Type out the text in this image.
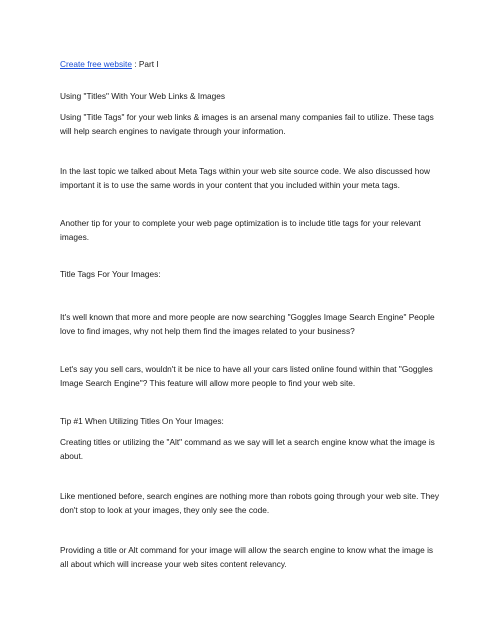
Create free website : Part I

Using "Titles" With Your Web Links & Images

Using "Title Tags" for your web links & images is an arsenal many companies fail to utilize. These tags will help search engines to navigate through your information.

In the last topic we talked about Meta Tags within your web site source code. We also discussed how important it is to use the same words in your content that you included within your meta tags.

Another tip for your to complete your web page optimization is to include title tags for your relevant images.

Title Tags For Your Images:

It's well known that more and more people are now searching "Goggles Image Search Engine" People love to find images, why not help them find the images related to your business?

Let's say you sell cars, wouldn't it be nice to have all your cars listed online found within that "Goggles Image Search Engine"? This feature will allow more people to find your web site.

Tip #1 When Utilizing Titles On Your Images:

Creating titles or utilizing the "Alt" command as we say will let a search engine know what the image is about.

Like mentioned before, search engines are nothing more than robots going through your web site. They don't stop to look at your images, they only see the code.

Providing a title or Alt command for your image will allow the search engine to know what the image is all about which will increase your web sites content relevancy.
